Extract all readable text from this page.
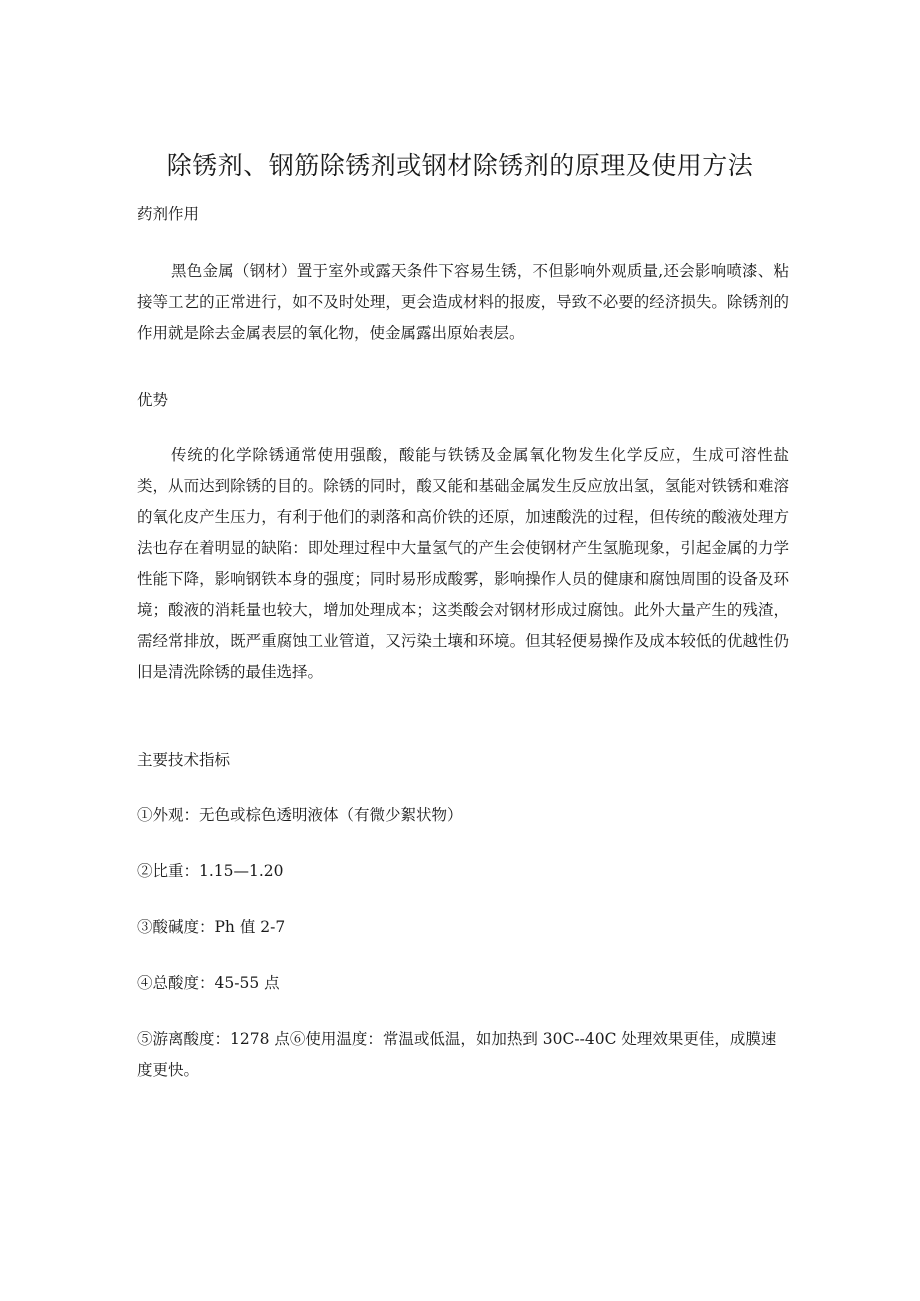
除锈剂、钢筋除锈剂或钢材除锈剂的原理及使用方法
药剂作用

黑色金属（钢材）置于室外或露天条件下容易生锈，不但影响外观质量,还会影响喷漆、粘接等工艺的正常进行，如不及时处理，更会造成材料的报废，导致不必要的经济损失。除锈剂的作用就是除去金属表层的氧化物，使金属露出原始表层。

优势

传统的化学除锈通常使用强酸，酸能与铁锈及金属氧化物发生化学反应，生成可溶性盐类，从而达到除锈的目的。除锈的同时，酸又能和基础金属发生反应放出氢，氢能对铁锈和难溶的氧化皮产生压力，有利于他们的剥落和高价铁的还原，加速酸洗的过程，但传统的酸液处理方法也存在着明显的缺陷：即处理过程中大量氢气的产生会使钢材产生氢脆现象，引起金属的力学性能下降，影响钢铁本身的强度；同时易形成酸雾，影响操作人员的健康和腐蚀周围的设备及环境；酸液的消耗量也较大，增加处理成本；这类酸会对钢材形成过腐蚀。此外大量产生的残渣，需经常排放，既严重腐蚀工业管道，又污染土壤和环境。但其轻便易操作及成本较低的优越性仍旧是清洗除锈的最佳选择。

主要技术指标

①外观：无色或棕色透明液体（有微少絮状物）

②比重：1.15—1.20

③酸碱度：Ph 值 2-7

④总酸度：45-55 点

⑤游离酸度：1278 点⑥使用温度：常温或低温，如加热到 30C--40C 处理效果更佳，成膜速度更快。
